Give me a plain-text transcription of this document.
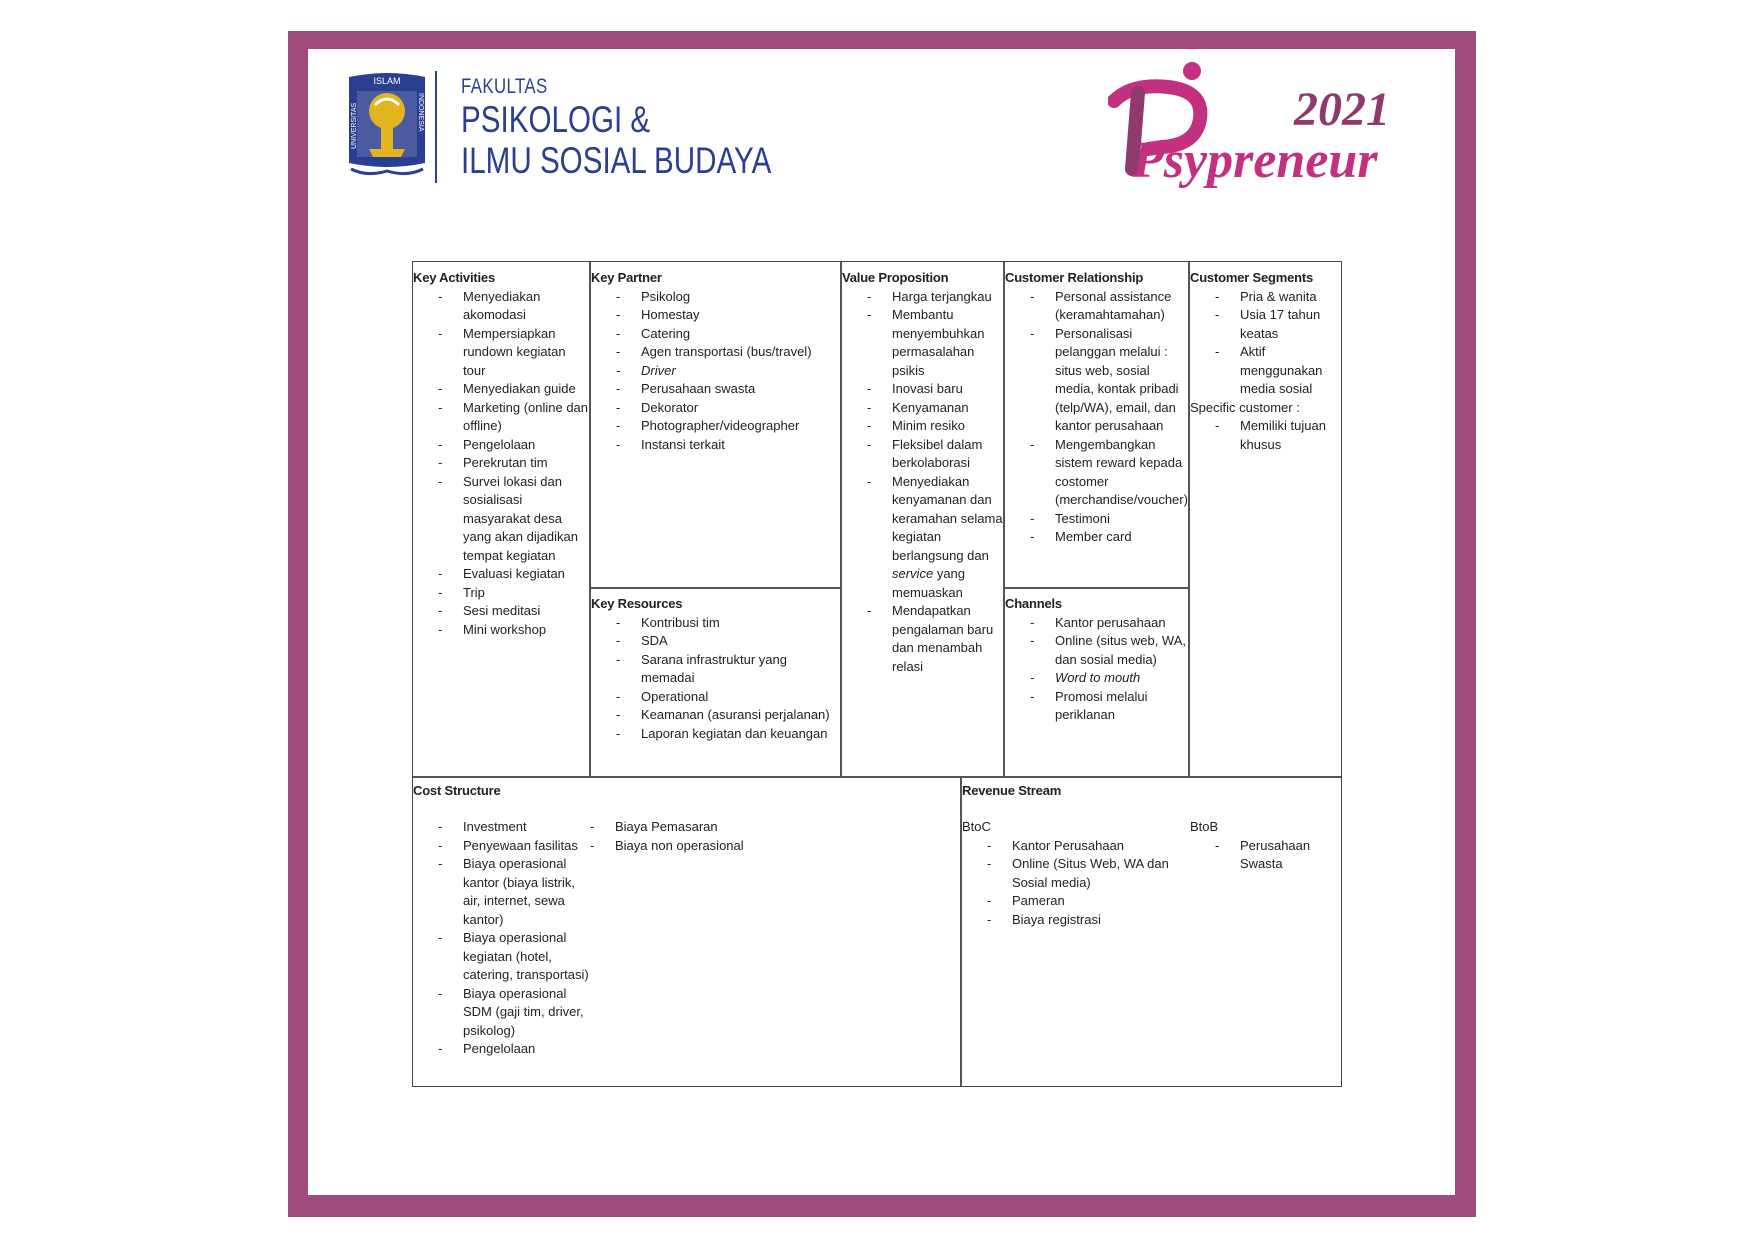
ISLAM
UNIVERSITAS	INDONESIA
FAKULTAS
PSIKOLOGI &
ILMU SOSIAL BUDAYA
2021
Psypreneur
Key Activities
- Menyediakan akomodasi
- Mempersiapkan rundown kegiatan tour
- Menyediakan guide
- Marketing (online dan offline)
- Pengelolaan
- Perekrutan tim
- Survei lokasi dan sosialisasi masyarakat desa yang akan dijadikan tempat kegiatan
- Evaluasi kegiatan
- Trip
- Sesi meditasi
- Mini workshop
Key Partner
- Psikolog
- Homestay
- Catering
- Agen transportasi (bus/travel)
- Driver
- Perusahaan swasta
- Dekorator
- Photographer/videographer
- Instansi terkait
Key Resources
- Kontribusi tim
- SDA
- Sarana infrastruktur yang memadai
- Operational
- Keamanan (asuransi perjalanan)
- Laporan kegiatan dan keuangan
Value Proposition
- Harga terjangkau
- Membantu menyembuhkan permasalahan psikis
- Inovasi baru
- Kenyamanan
- Minim resiko
- Fleksibel dalam berkolaborasi
- Menyediakan kenyamanan dan keramahan selama kegiatan berlangsung dan service yang memuaskan
- Mendapatkan pengalaman baru dan menambah relasi
Customer Relationship
- Personal assistance (keramahtamahan)
- Personalisasi pelanggan melalui : situs web, sosial media, kontak pribadi (telp/WA), email, dan kantor perusahaan
- Mengembangkan sistem reward kepada costomer (merchandise/voucher)
- Testimoni
- Member card
Channels
- Kantor perusahaan
- Online (situs web, WA, dan sosial media)
- Word to mouth
- Promosi melalui periklanan
Customer Segments
- Pria & wanita
- Usia 17 tahun keatas
- Aktif menggunakan media sosial
Specific customer :
- Memiliki tujuan khusus
Cost Structure
- Investment
- Penyewaan fasilitas
- Biaya operasional kantor (biaya listrik, air, internet, sewa kantor)
- Biaya operasional kegiatan (hotel, catering, transportasi)
- Biaya operasional SDM (gaji tim, driver, psikolog)
- Pengelolaan
- Biaya Pemasaran
- Biaya non operasional
Revenue Stream
BtoC
- Kantor Perusahaan
- Online (Situs Web, WA dan Sosial media)
- Pameran
- Biaya registrasi
BtoB
- Perusahaan Swasta
